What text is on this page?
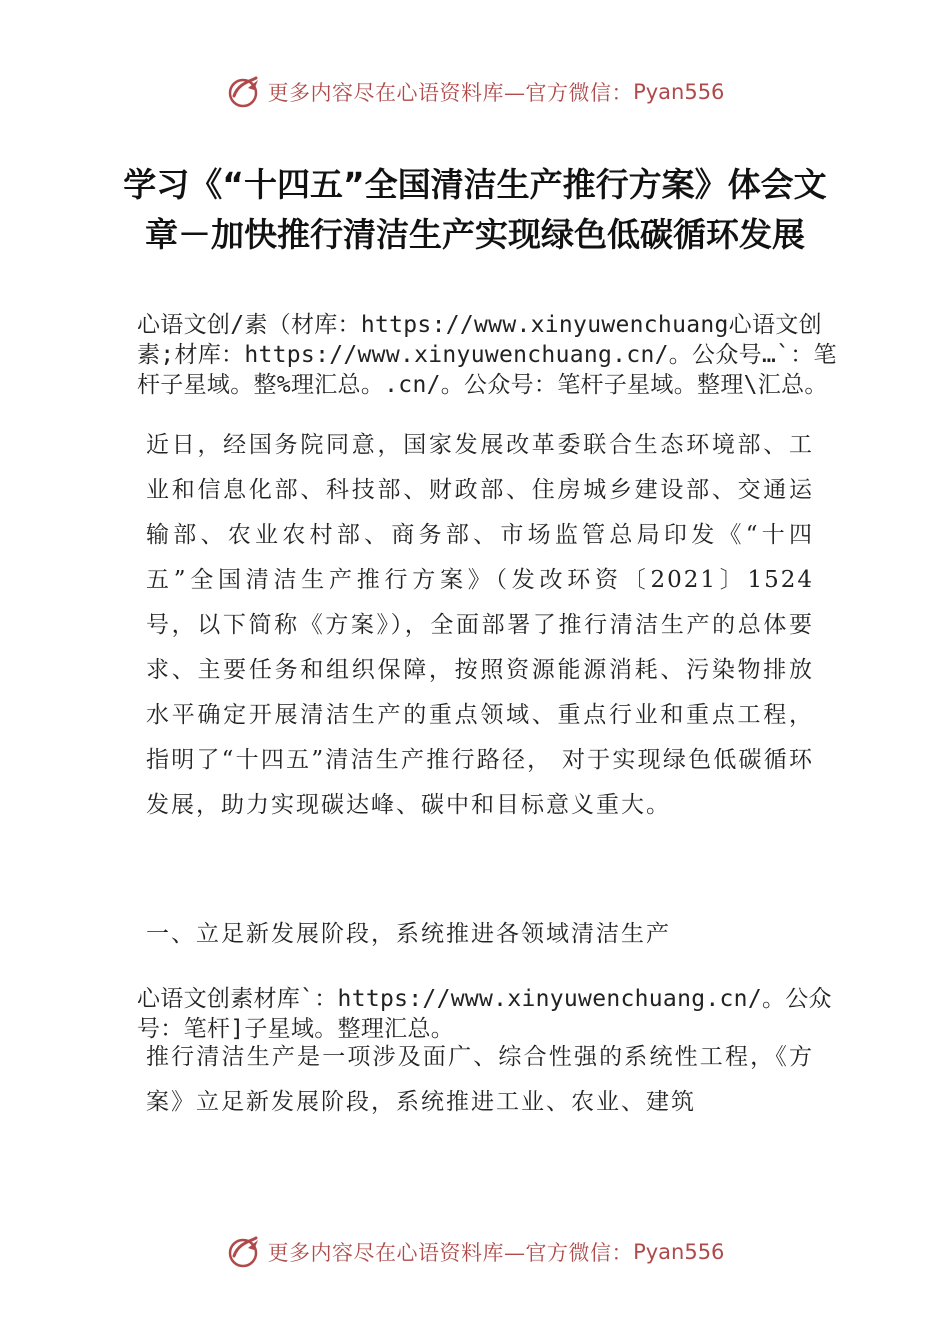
更多内容尽在心语资料库—官方微信： Pyan556
学习《“十四五”全国清洁生产推行方案》体会文章－加快推行清洁生产实现绿色低碳循环发展

心语文创/素（材库：https://www.xinyuwenchuang心语文创素;材库：https://www.xinyuwenchuang.cn/。公众号…`：笔杆子星域。整%理汇总。.cn/。公众号：笔杆子星域。整理\汇总。

近日，经国务院同意，国家发展改革委联合生态环境部、工业和信息化部、科技部、财政部、住房城乡建设部、交通运输部、农业农村部、商务部、市场监管总局印发《“十四五”全国清洁生产推行方案》（发改环资〔2021〕1524 号，以下简称《方案》），全面部署了推行清洁生产的总体要求、主要任务和组织保障，按照资源能源消耗、污染物排放水平确定开展清洁生产的重点领域、重点行业和重点工程，指明了“十四五”清洁生产推行路径， 对于实现绿色低碳循环发展，助力实现碳达峰、碳中和目标意义重大。

一、立足新发展阶段，系统推进各领域清洁生产

心语文创素材库`：https://www.xinyuwenchuang.cn/。公众号：笔杆]子星域。整理汇总。

推行清洁生产是一项涉及面广、综合性强的系统性工程，《方案》立足新发展阶段，系统推进工业、农业、建筑

更多内容尽在心语资料库—官方微信： Pyan556
